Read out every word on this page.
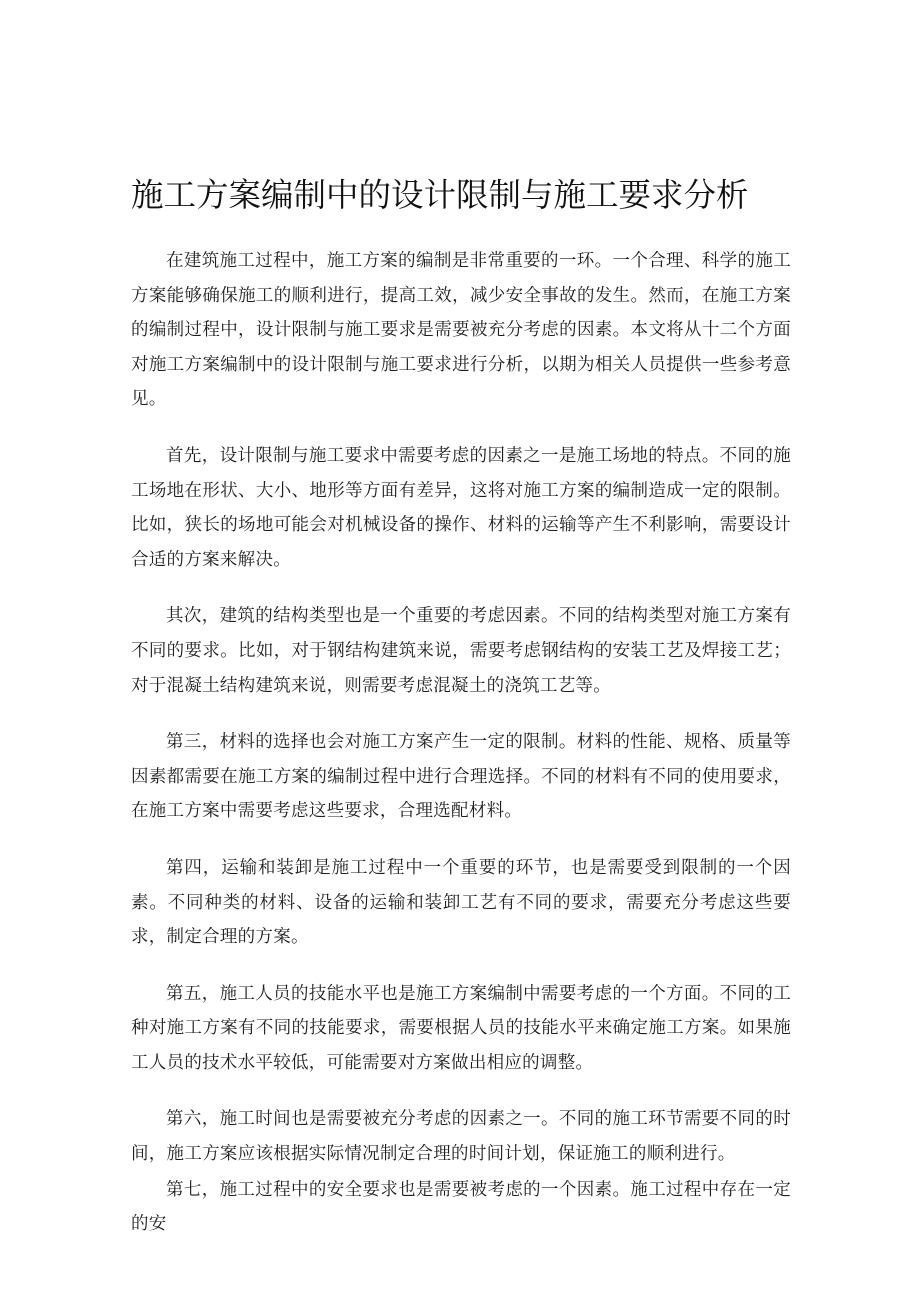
施工方案编制中的设计限制与施工要求分析

在建筑施工过程中，施工方案的编制是非常重要的一环。一个合理、科学的施工方案能够确保施工的顺利进行，提高工效，减少安全事故的发生。然而，在施工方案的编制过程中，设计限制与施工要求是需要被充分考虑的因素。本文将从十二个方面对施工方案编制中的设计限制与施工要求进行分析，以期为相关人员提供一些参考意见。

首先，设计限制与施工要求中需要考虑的因素之一是施工场地的特点。不同的施工场地在形状、大小、地形等方面有差异，这将对施工方案的编制造成一定的限制。比如，狭长的场地可能会对机械设备的操作、材料的运输等产生不利影响，需要设计合适的方案来解决。

其次，建筑的结构类型也是一个重要的考虑因素。不同的结构类型对施工方案有不同的要求。比如，对于钢结构建筑来说，需要考虑钢结构的安装工艺及焊接工艺；对于混凝土结构建筑来说，则需要考虑混凝土的浇筑工艺等。

第三，材料的选择也会对施工方案产生一定的限制。材料的性能、规格、质量等因素都需要在施工方案的编制过程中进行合理选择。不同的材料有不同的使用要求，在施工方案中需要考虑这些要求，合理选配材料。

第四，运输和装卸是施工过程中一个重要的环节，也是需要受到限制的一个因素。不同种类的材料、设备的运输和装卸工艺有不同的要求，需要充分考虑这些要求，制定合理的方案。

第五，施工人员的技能水平也是施工方案编制中需要考虑的一个方面。不同的工种对施工方案有不同的技能要求，需要根据人员的技能水平来确定施工方案。如果施工人员的技术水平较低，可能需要对方案做出相应的调整。

第六，施工时间也是需要被充分考虑的因素之一。不同的施工环节需要不同的时间，施工方案应该根据实际情况制定合理的时间计划，保证施工的顺利进行。

第七，施工过程中的安全要求也是需要被考虑的一个因素。施工过程中存在一定的安
